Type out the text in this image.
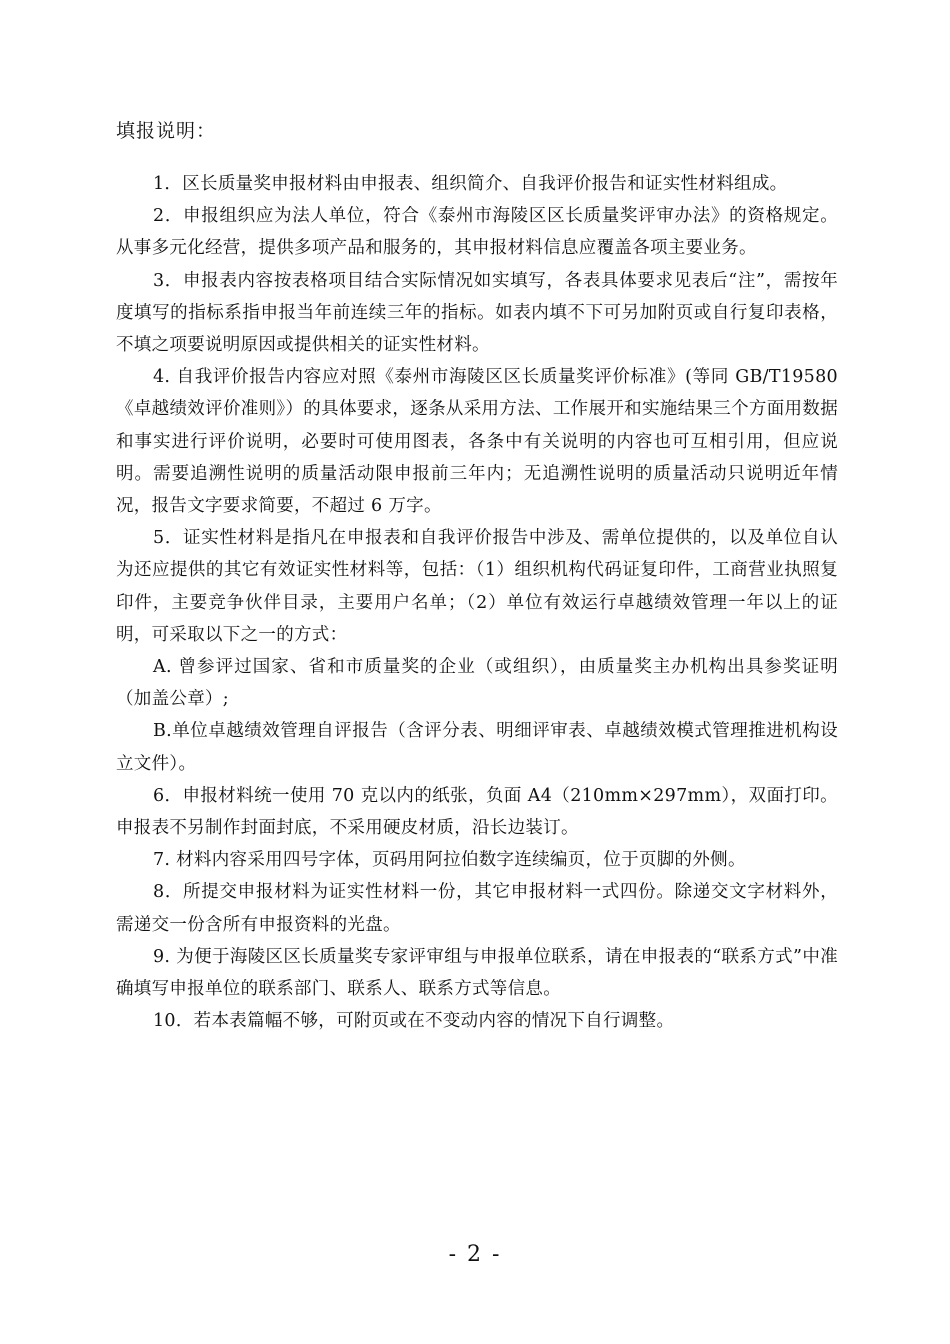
填报说明：

1．区长质量奖申报材料由申报表、组织简介、自我评价报告和证实性材料组成。

2．申报组织应为法人单位，符合《泰州市海陵区区长质量奖评审办法》的资格规定。从事多元化经营，提供多项产品和服务的，其申报材料信息应覆盖各项主要业务。

3．申报表内容按表格项目结合实际情况如实填写，各表具体要求见表后“注”，需按年度填写的指标系指申报当年前连续三年的指标。如表内填不下可另加附页或自行复印表格，不填之项要说明原因或提供相关的证实性材料。

4. 自我评价报告内容应对照《泰州市海陵区区长质量奖评价标准》(等同 GB/T19580《卓越绩效评价准则》）的具体要求，逐条从采用方法、工作展开和实施结果三个方面用数据和事实进行评价说明，必要时可使用图表，各条中有关说明的内容也可互相引用，但应说明。需要追溯性说明的质量活动限申报前三年内；无追溯性说明的质量活动只说明近年情况，报告文字要求简要，不超过 6 万字。

5．证实性材料是指凡在申报表和自我评价报告中涉及、需单位提供的，以及单位自认为还应提供的其它有效证实性材料等，包括：（1）组织机构代码证复印件，工商营业执照复印件，主要竞争伙伴目录，主要用户名单；（2）单位有效运行卓越绩效管理一年以上的证明，可采取以下之一的方式：

A. 曾参评过国家、省和市质量奖的企业（或组织），由质量奖主办机构出具参奖证明（加盖公章）;

B.单位卓越绩效管理自评报告（含评分表、明细评审表、卓越绩效模式管理推进机构设立文件）。

6．申报材料统一使用 70 克以内的纸张，负面 A4（210mm×297mm），双面打印。申报表不另制作封面封底，不采用硬皮材质，沿长边装订。

7. 材料内容采用四号字体，页码用阿拉伯数字连续编页，位于页脚的外侧。

8．所提交申报材料为证实性材料一份，其它申报材料一式四份。除递交文字材料外，需递交一份含所有申报资料的光盘。

9. 为便于海陵区区长质量奖专家评审组与申报单位联系，请在申报表的“联系方式”中准确填写申报单位的联系部门、联系人、联系方式等信息。

10．若本表篇幅不够，可附页或在不变动内容的情况下自行调整。

- 2 -
